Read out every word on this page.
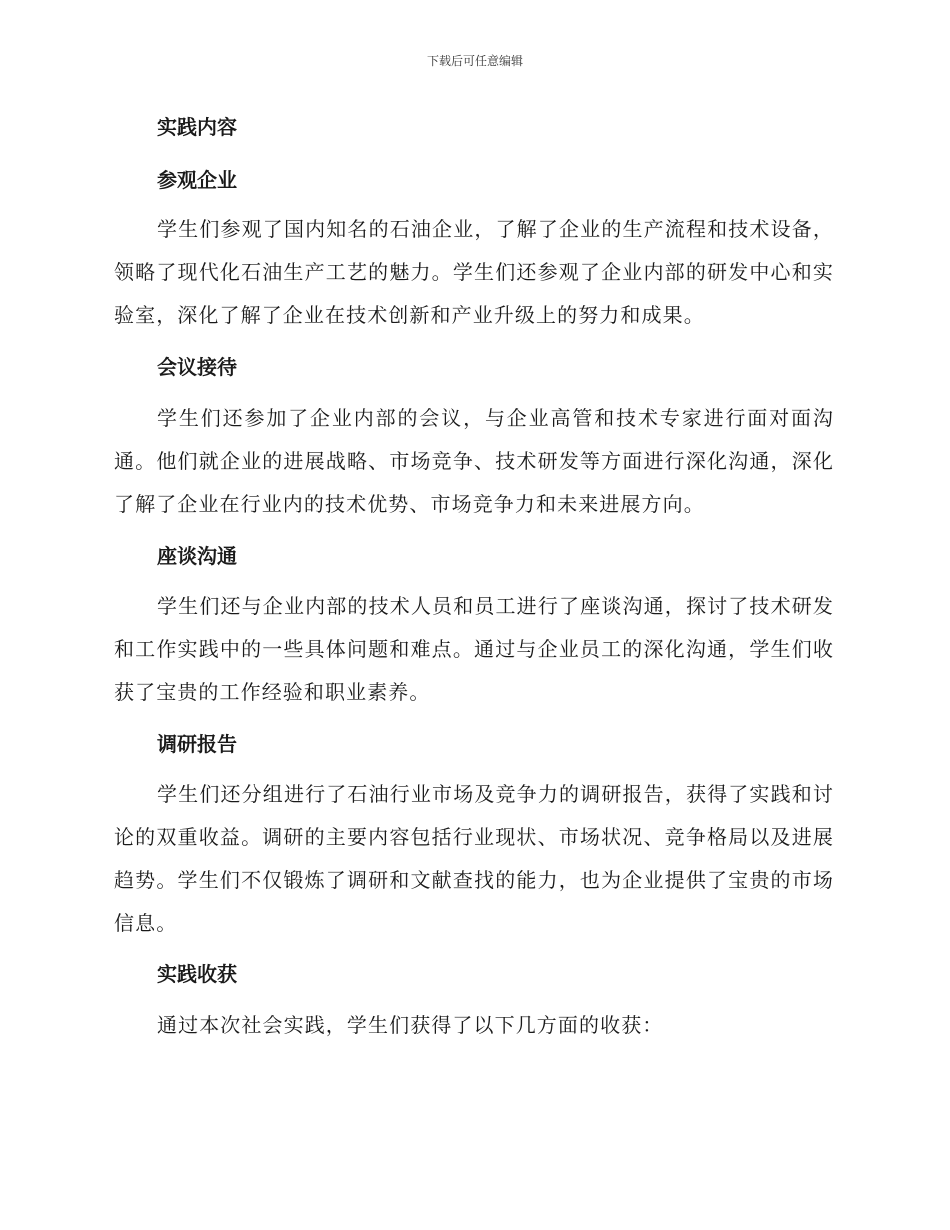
下载后可任意编辑
实践内容
参观企业

学生们参观了国内知名的石油企业，了解了企业的生产流程和技术设备，领略了现代化石油生产工艺的魅力。学生们还参观了企业内部的研发中心和实验室，深化了解了企业在技术创新和产业升级上的努力和成果。

会议接待

学生们还参加了企业内部的会议，与企业高管和技术专家进行面对面沟通。他们就企业的进展战略、市场竞争、技术研发等方面进行深化沟通，深化了解了企业在行业内的技术优势、市场竞争力和未来进展方向。

座谈沟通

学生们还与企业内部的技术人员和员工进行了座谈沟通，探讨了技术研发和工作实践中的一些具体问题和难点。通过与企业员工的深化沟通，学生们收获了宝贵的工作经验和职业素养。

调研报告

学生们还分组进行了石油行业市场及竞争力的调研报告，获得了实践和讨论的双重收益。调研的主要内容包括行业现状、市场状况、竞争格局以及进展趋势。学生们不仅锻炼了调研和文献查找的能力，也为企业提供了宝贵的市场信息。

实践收获

通过本次社会实践，学生们获得了以下几方面的收获：
